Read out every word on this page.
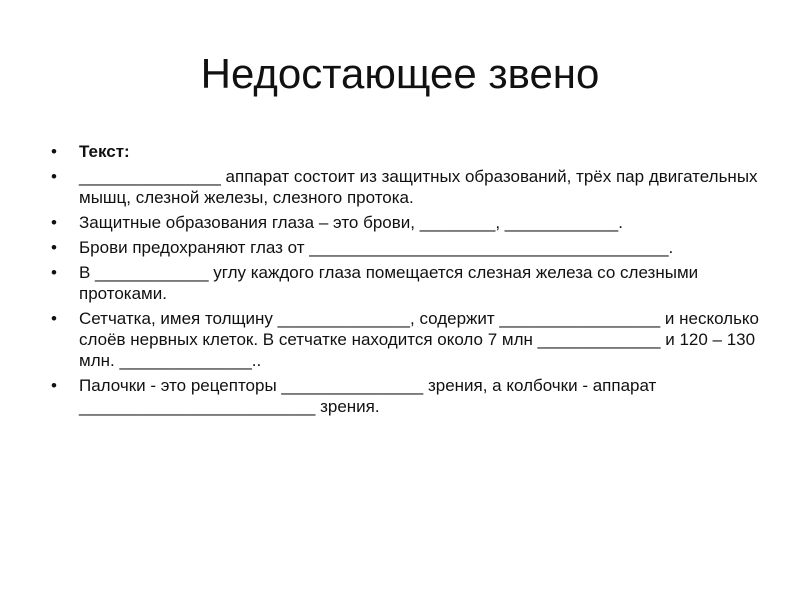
Недостающее звено
• Текст:
• _______________ аппарат состоит из защитных образований, трёх пар двигательных мышц, слезной железы, слезного протока.
• Защитные образования глаза – это брови, ________, ____________.
• Брови предохраняют глаз от ______________________________________.
• В ____________ углу каждого глаза помещается слезная железа со слезными протоками.
• Сетчатка, имея толщину ______________, содержит _________________ и несколько слоёв нервных клеток. В сетчатке находится около 7 млн _____________ и 120 – 130 млн. ______________..
• Палочки - это рецепторы _______________ зрения, а колбочки - аппарат _________________________ зрения.
